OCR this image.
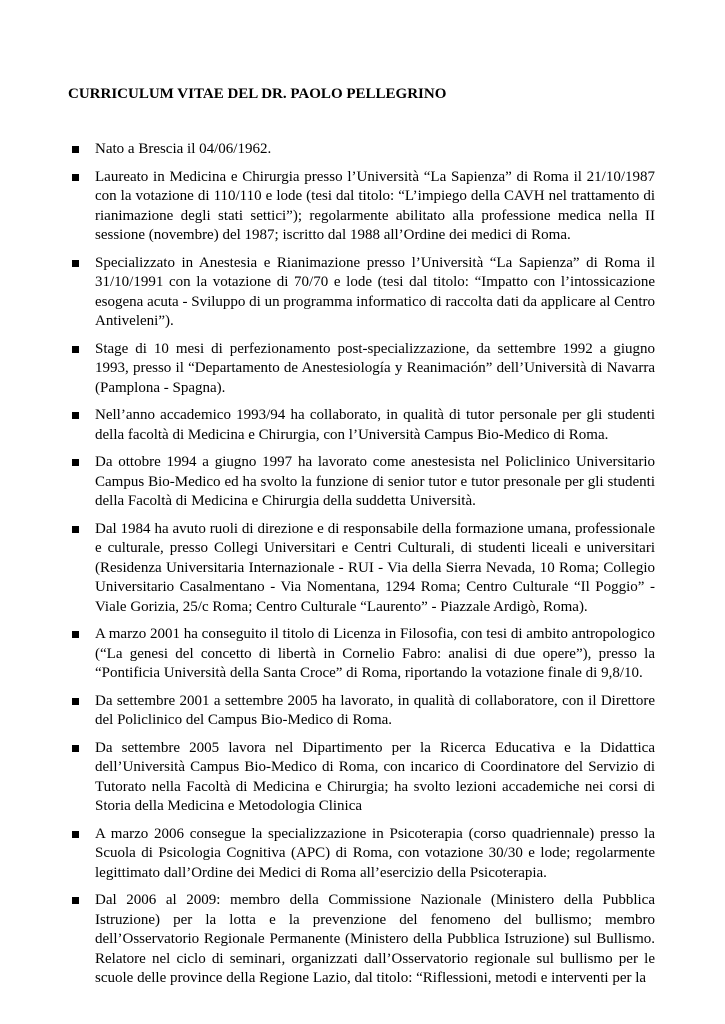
CURRICULUM VITAE DEL DR. PAOLO PELLEGRINO
Nato a Brescia il 04/06/1962.
Laureato in Medicina e Chirurgia presso l’Università “La Sapienza” di Roma il 21/10/1987 con la votazione di 110/110 e lode (tesi dal titolo: “L’impiego della CAVH nel trattamento di rianimazione degli stati settici”); regolarmente abilitato alla professione medica nella II sessione (novembre) del 1987; iscritto dal 1988 all’Ordine dei medici di Roma.
Specializzato in Anestesia e Rianimazione presso l’Università “La Sapienza” di Roma il 31/10/1991 con la votazione di 70/70 e lode (tesi dal titolo: “Impatto con l’intossicazione esogena acuta - Sviluppo di un programma informatico di raccolta dati da applicare al Centro Antiveleni”).
Stage di 10 mesi di perfezionamento post-specializzazione, da settembre 1992 a giugno 1993, presso il “Departamento de Anestesiología y Reanimación” dell’Università di Navarra (Pamplona - Spagna).
Nell’anno accademico 1993/94 ha collaborato, in qualità di tutor personale per gli studenti della facoltà di Medicina e Chirurgia, con l’Università Campus Bio-Medico di Roma.
Da ottobre 1994 a giugno 1997 ha lavorato come anestesista nel Policlinico Universitario Campus Bio-Medico ed ha svolto la funzione di senior tutor e tutor presonale per gli studenti della Facoltà di Medicina e Chirurgia della suddetta Università.
Dal 1984 ha avuto ruoli di direzione e di responsabile della formazione umana, professionale e culturale, presso Collegi Universitari e Centri Culturali, di studenti liceali e universitari (Residenza Universitaria Internazionale - RUI - Via della Sierra Nevada, 10 Roma; Collegio Universitario Casalmentano - Via Nomentana, 1294 Roma; Centro Culturale “Il Poggio” - Viale Gorizia, 25/c Roma; Centro Culturale “Laurento” - Piazzale Ardigò, Roma).
A marzo 2001 ha conseguito il titolo di Licenza in Filosofia, con tesi di ambito antropologico (“La genesi del concetto di libertà in Cornelio Fabro: analisi di due opere”), presso la “Pontificia Università della Santa Croce” di Roma, riportando la votazione finale di 9,8/10.
Da settembre 2001 a settembre 2005 ha lavorato, in qualità di collaboratore, con il Direttore del Policlinico del Campus Bio-Medico di Roma.
Da settembre 2005 lavora nel Dipartimento per la Ricerca Educativa e la Didattica dell’Università Campus Bio-Medico di Roma, con incarico di Coordinatore del Servizio di Tutorato nella Facoltà di Medicina e Chirurgia; ha svolto lezioni accademiche nei corsi di Storia della Medicina e Metodologia Clinica
A marzo 2006 consegue la specializzazione in Psicoterapia (corso quadriennale) presso la Scuola di Psicologia Cognitiva (APC) di Roma, con votazione 30/30 e lode; regolarmente legittimato dall’Ordine dei Medici di Roma all’esercizio della Psicoterapia.
Dal 2006 al 2009: membro della Commissione Nazionale (Ministero della Pubblica Istruzione) per la lotta e la prevenzione del fenomeno del bullismo; membro dell’Osservatorio Regionale Permanente (Ministero della Pubblica Istruzione) sul Bullismo. Relatore nel ciclo di seminari, organizzati dall’Osservatorio regionale sul bullismo per le scuole delle province della Regione Lazio, dal titolo: “Riflessioni, metodi e interventi per la
